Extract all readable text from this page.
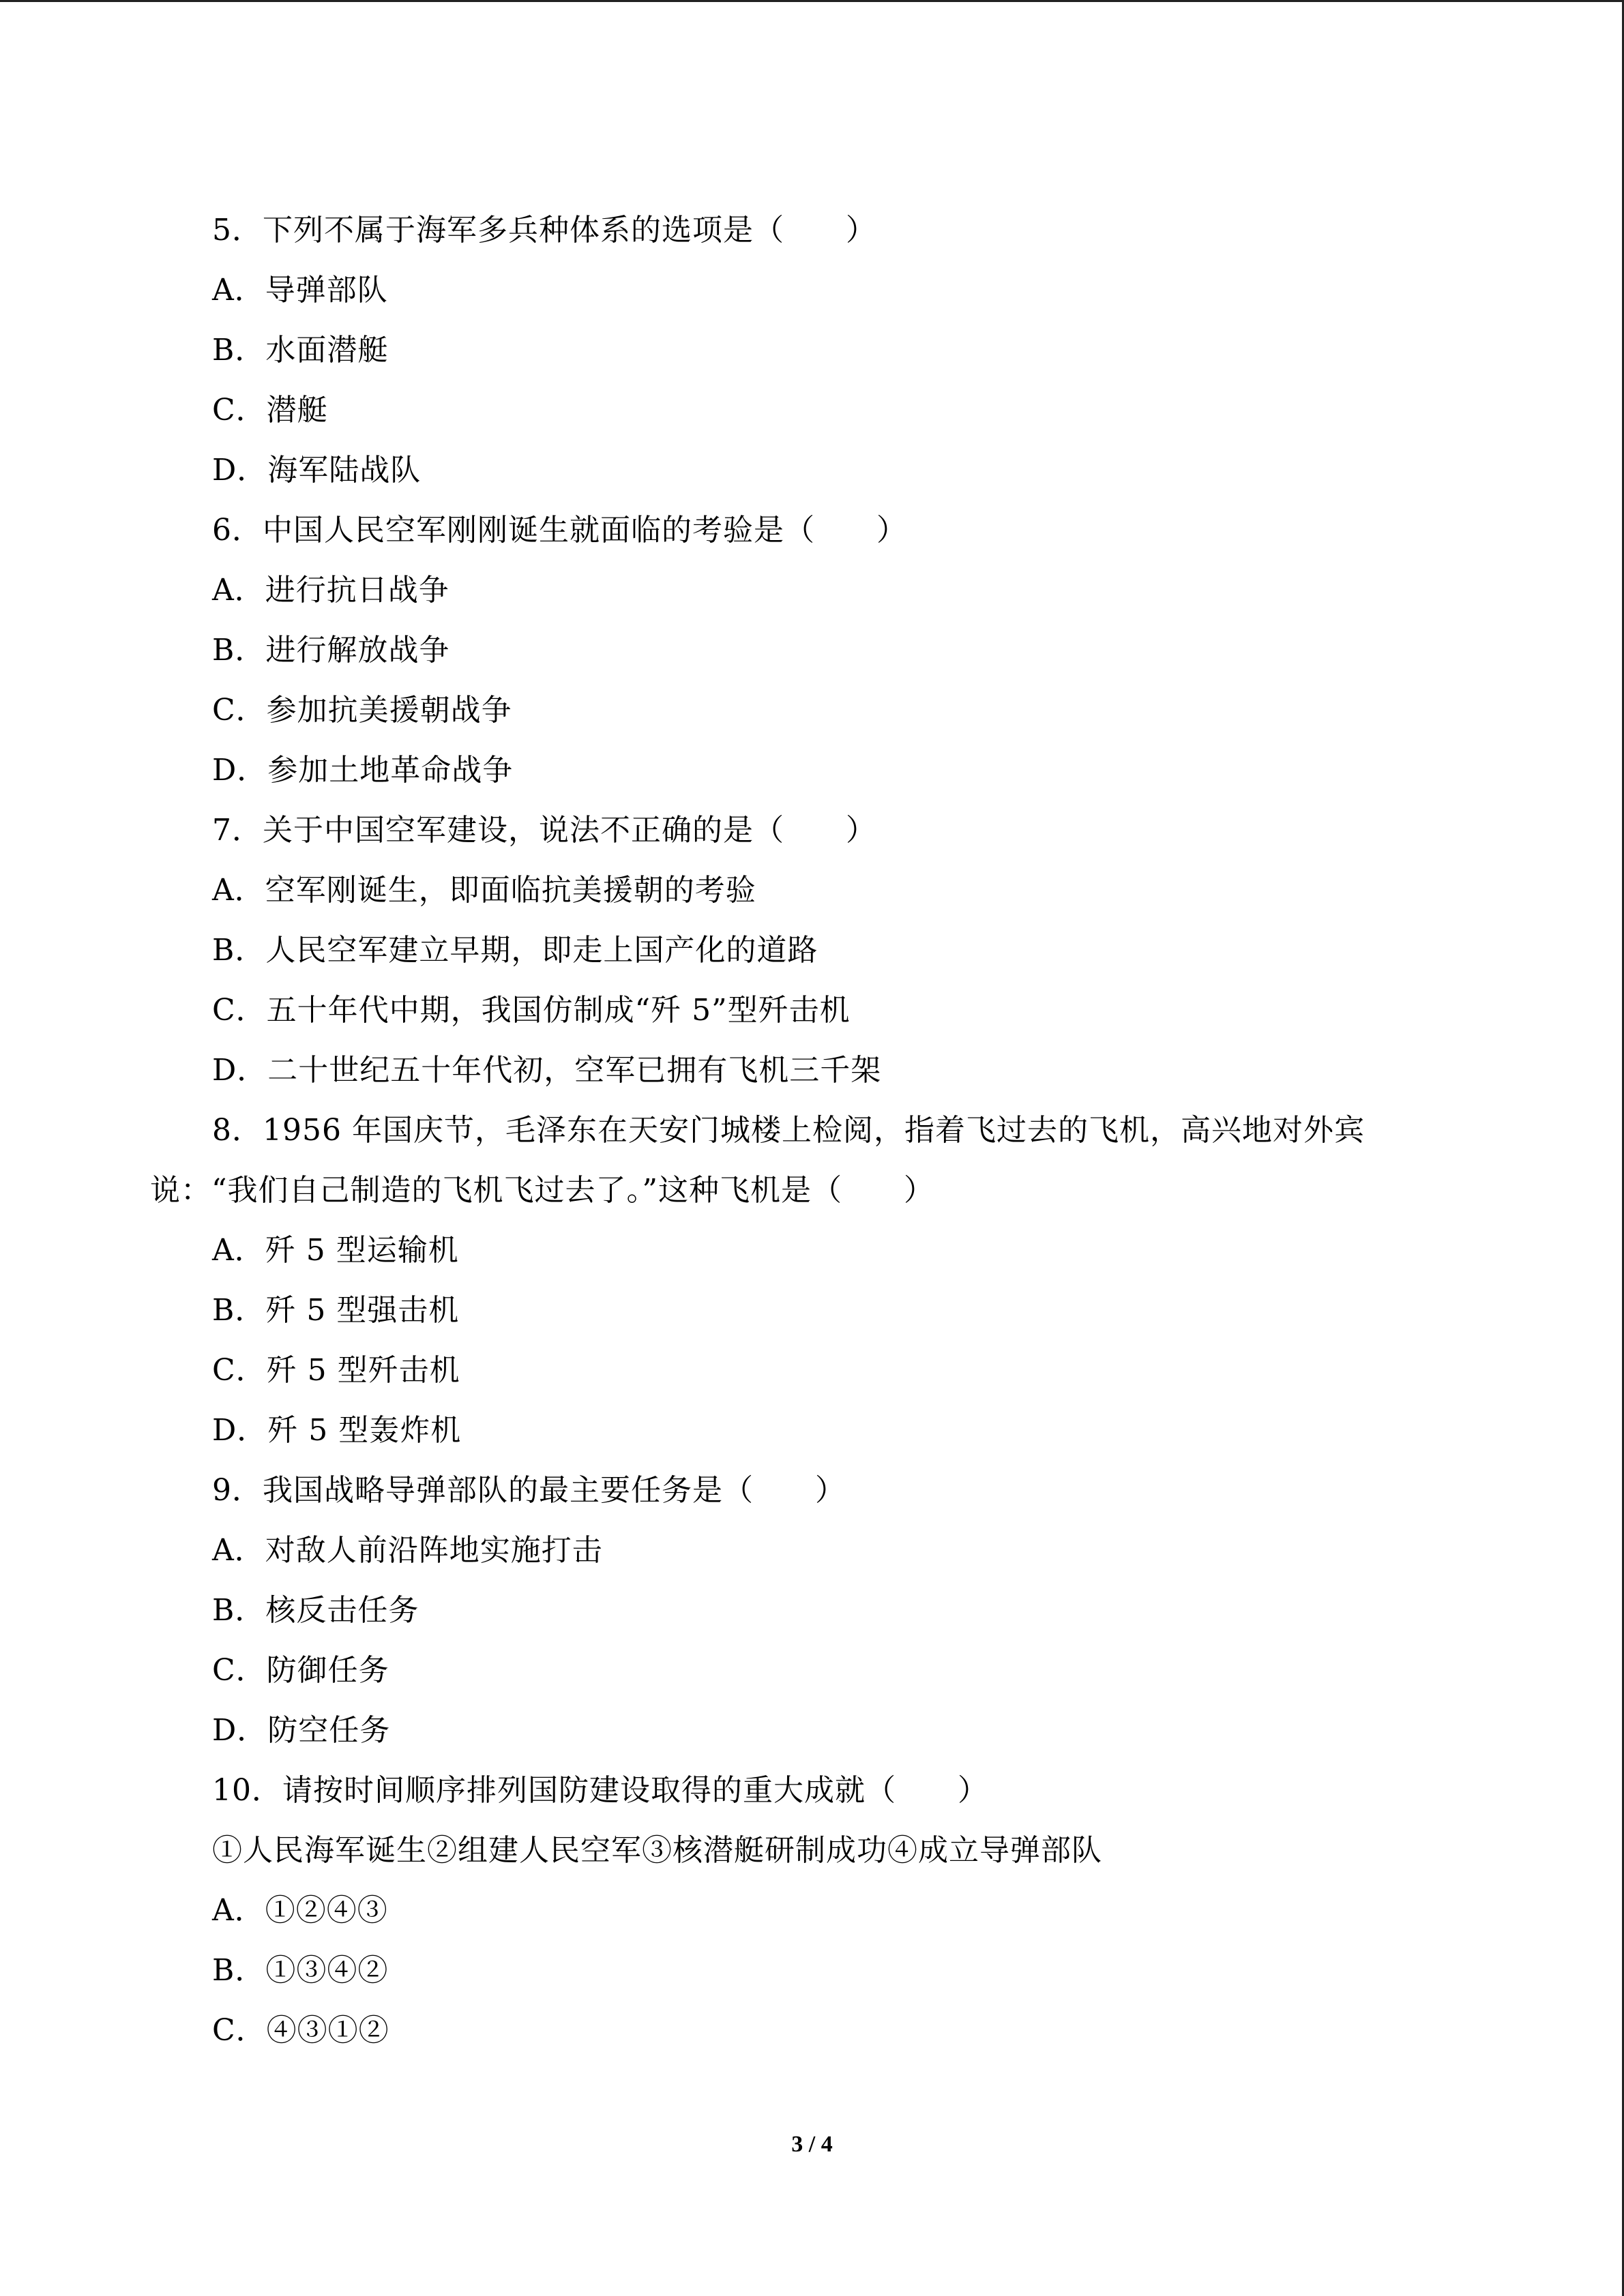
5．下列不属于海军多兵种体系的选项是（　　）
A．导弹部队
B．水面潜艇
C．潜艇
D．海军陆战队
6．中国人民空军刚刚诞生就面临的考验是（　　）
A．进行抗日战争
B．进行解放战争
C．参加抗美援朝战争
D．参加土地革命战争
7．关于中国空军建设，说法不正确的是（　　）
A．空军刚诞生，即面临抗美援朝的考验
B．人民空军建立早期，即走上国产化的道路
C．五十年代中期，我国仿制成“歼 5”型歼击机
D．二十世纪五十年代初，空军已拥有飞机三千架
8．1956 年国庆节，毛泽东在天安门城楼上检阅，指着飞过去的飞机，高兴地对外宾
说：“我们自己制造的飞机飞过去了。”这种飞机是（　　）
A．歼 5 型运输机
B．歼 5 型强击机
C．歼 5 型歼击机
D．歼 5 型轰炸机
9．我国战略导弹部队的最主要任务是（　　）
A．对敌人前沿阵地实施打击
B．核反击任务
C．防御任务
D．防空任务
10．请按时间顺序排列国防建设取得的重大成就（　　）
①人民海军诞生②组建人民空军③核潜艇研制成功④成立导弹部队
A．①②④③
B．①③④②
C．④③①②
3 / 4
